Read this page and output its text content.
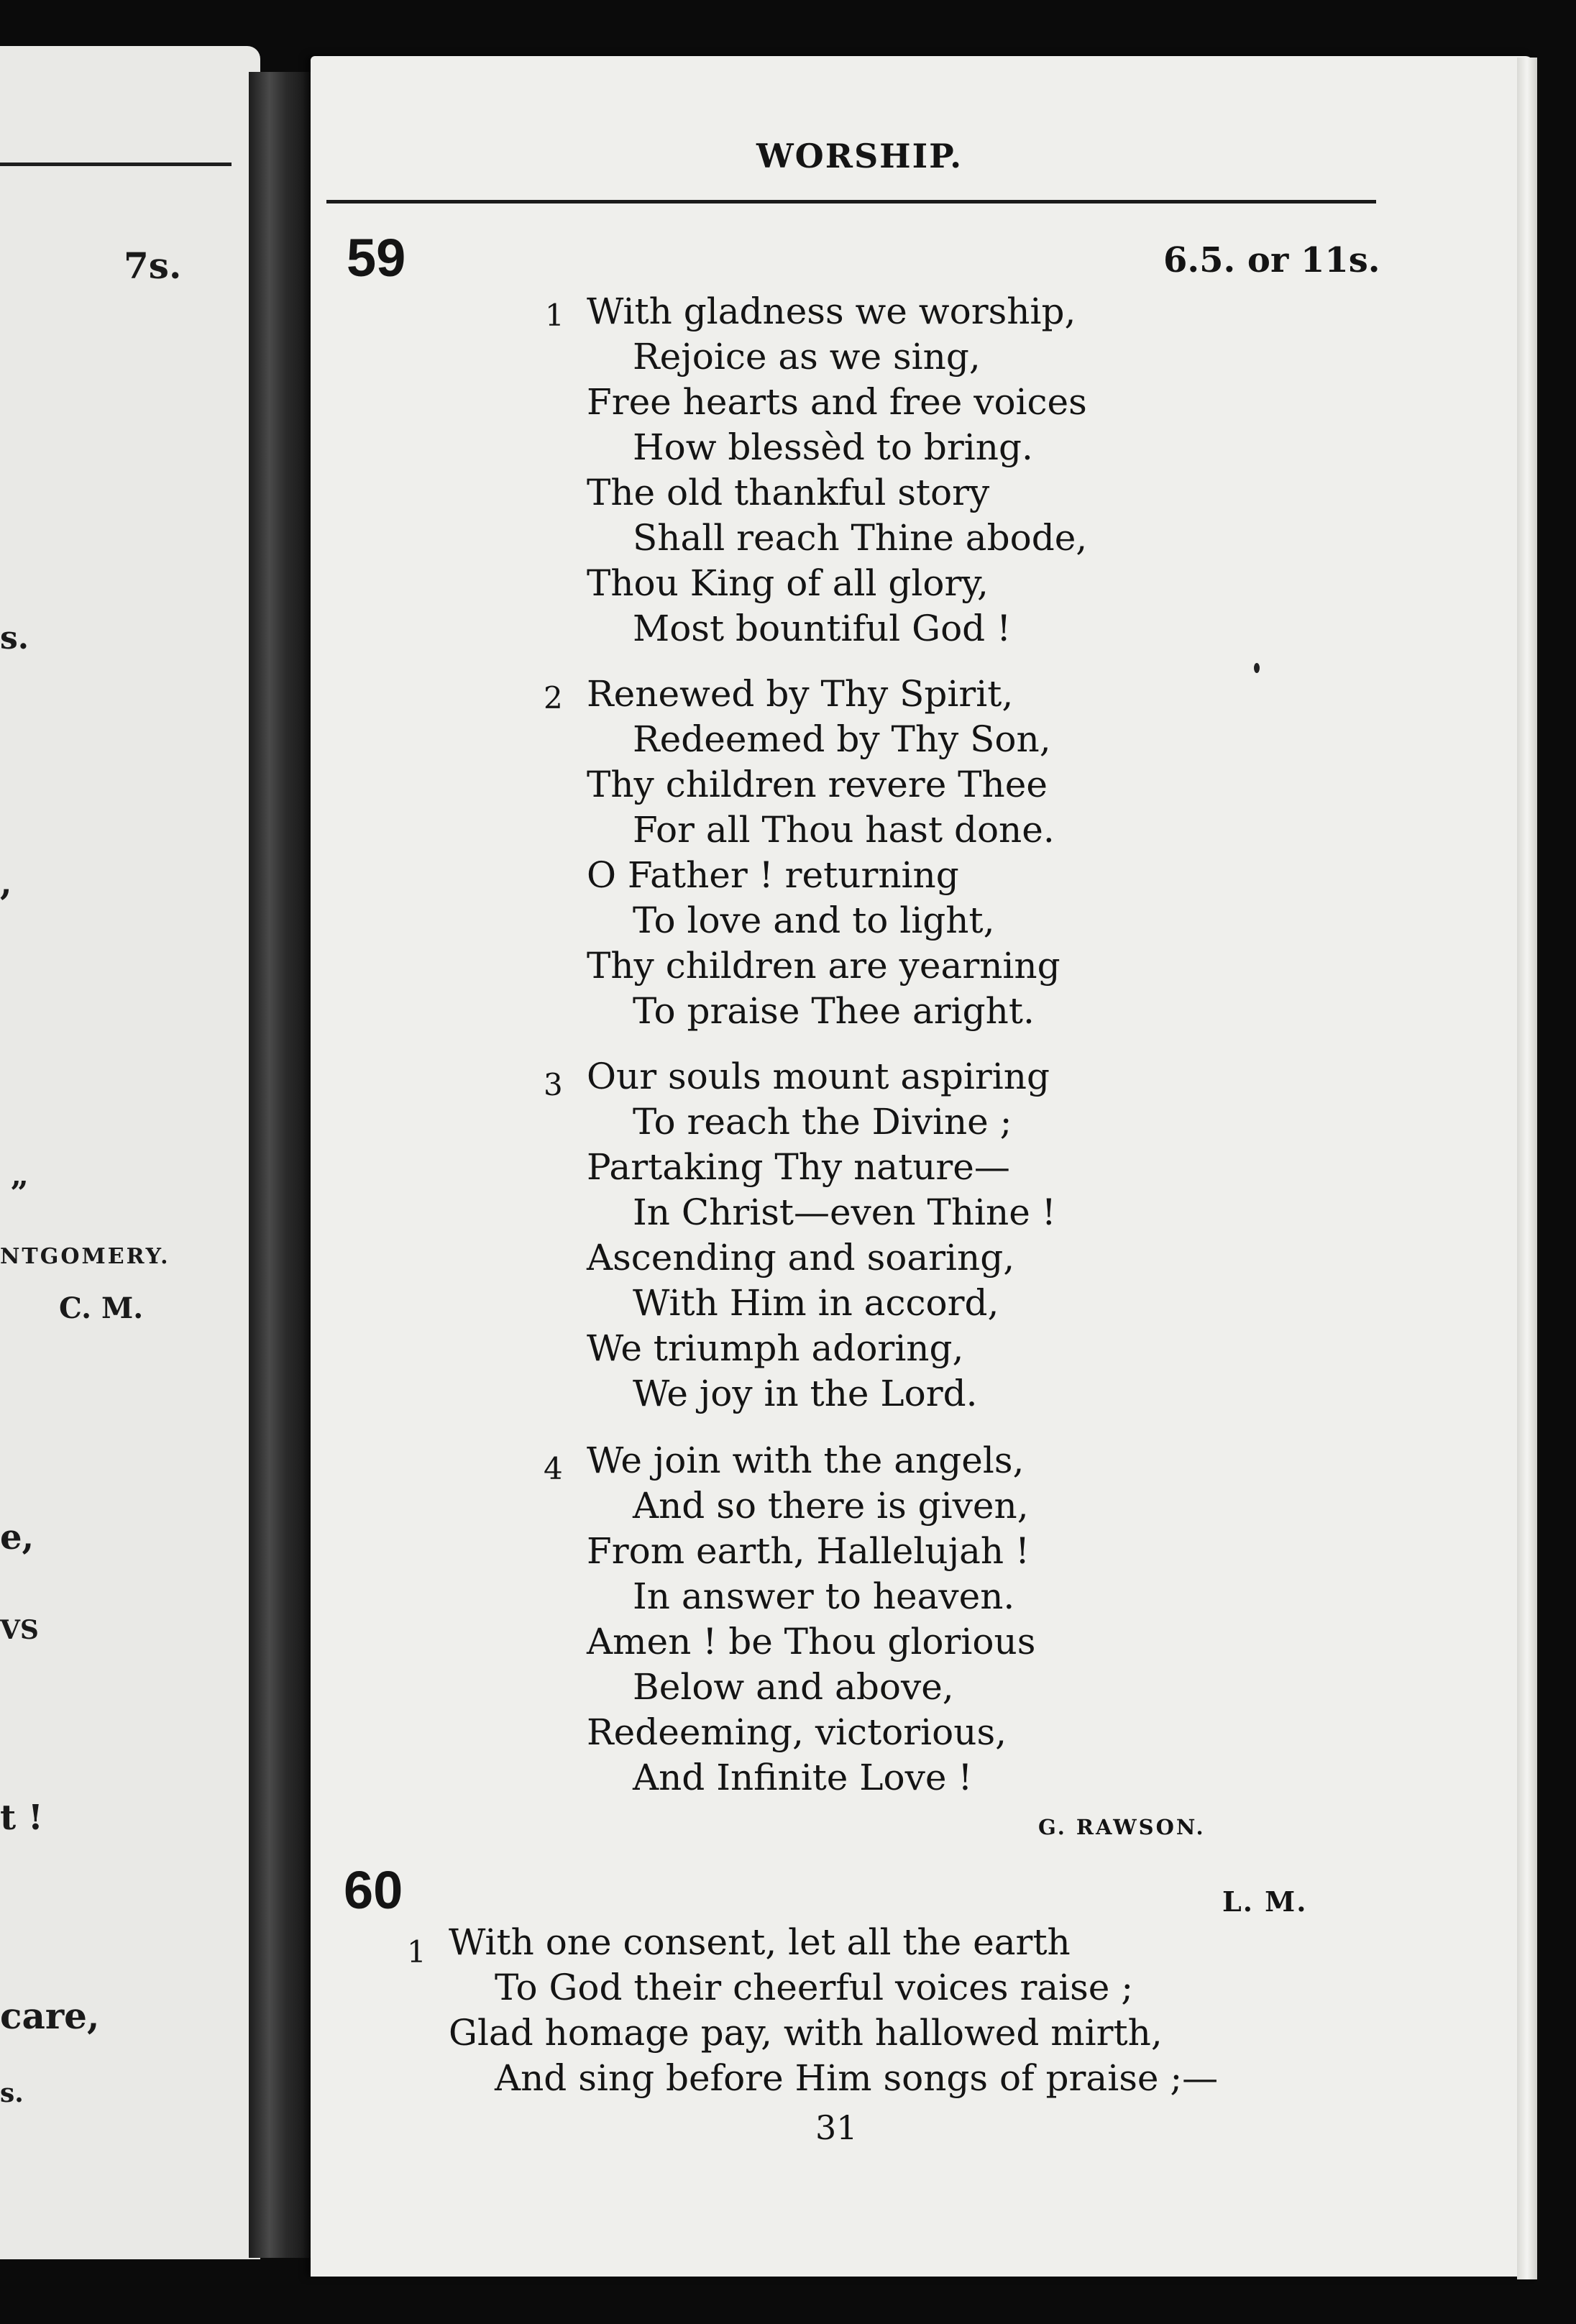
7s.
s.
,
”
NTGOMERY.
C. M.
e,
VS
t !
care,
s.
WORSHIP.
59	6.5. or 11s.
1 With gladness we worship,
Rejoice as we sing,
Free hearts and free voices
How blessèd to bring.
The old thankful story
Shall reach Thine abode,
Thou King of all glory,
Most bountiful God !
2 Renewed by Thy Spirit,
Redeemed by Thy Son,
Thy children revere Thee
For all Thou hast done.
O Father ! returning
To love and to light,
Thy children are yearning
To praise Thee aright.
3 Our souls mount aspiring
To reach the Divine ;
Partaking Thy nature—
In Christ—even Thine !
Ascending and soaring,
With Him in accord,
We triumph adoring,
We joy in the Lord.
4 We join with the angels,
And so there is given,
From earth, Hallelujah !
In answer to heaven.
Amen ! be Thou glorious
Below and above,
Redeeming, victorious,
And Infinite Love !
G. RAWSON.
60	L. M.
1 With one consent, let all the earth
To God their cheerful voices raise ;
Glad homage pay, with hallowed mirth,
And sing before Him songs of praise ;—
31
